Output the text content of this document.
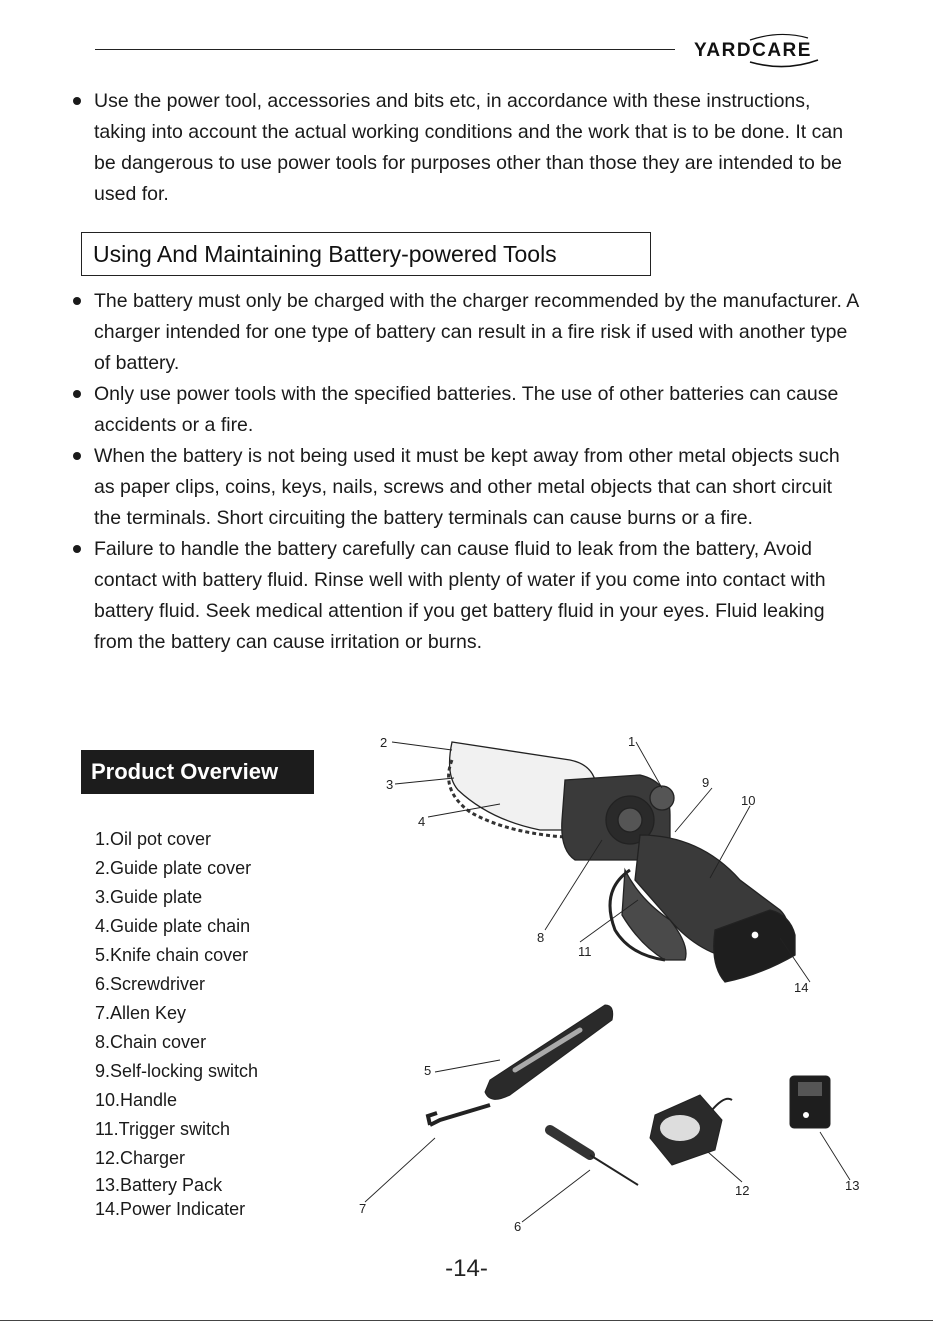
YARDCARE
Use the power tool, accessories and bits etc, in accordance with these instructions, taking into account the actual working conditions and the work that is to be done. It can be dangerous to use power tools for purposes other than those they are intended to be used for.
Using And Maintaining Battery-powered Tools
The battery must only be charged with the charger recommended by the manufacturer. A charger intended for one type of battery can result in a fire risk if used with another type of battery.
Only use power tools with the specified batteries. The use of other batteries can cause accidents or a fire.
When the battery is not being used it must be kept away from other metal objects such as paper clips, coins, keys, nails, screws and other metal objects that can short circuit the terminals. Short circuiting the battery terminals can cause burns or a fire.
Failure to handle the battery carefully can cause fluid to leak from the battery, Avoid contact with battery fluid. Rinse well with plenty of water if you come into contact with battery fluid. Seek medical attention if you get battery fluid in your eyes. Fluid leaking from the battery can cause irritation or burns.
Product Overview
1.Oil pot cover
2.Guide plate cover
3.Guide plate
4.Guide plate chain
5.Knife chain cover
6.Screwdriver
7.Allen Key
8.Chain cover
9.Self-locking switch
10.Handle
11.Trigger switch
12.Charger
13.Battery Pack
14.Power Indicater
1
2
3
4
9
10
8
11
14
5
7
6
12	13
-14-
